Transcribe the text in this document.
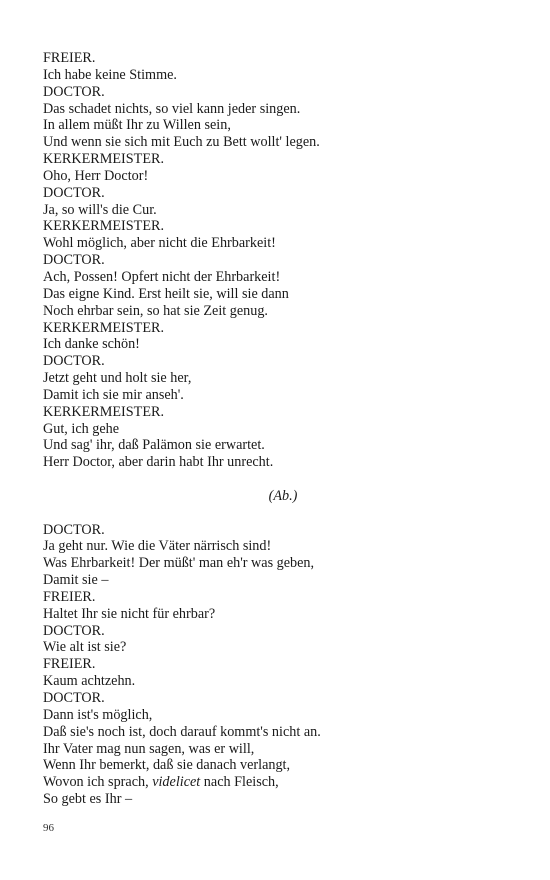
FREIER.
Ich habe keine Stimme.
DOCTOR.
Das schadet nichts, so viel kann jeder singen.
In allem müßt Ihr zu Willen sein,
Und wenn sie sich mit Euch zu Bett wollt' legen.
KERKERMEISTER.
Oho, Herr Doctor!
DOCTOR.
Ja, so will's die Cur.
KERKERMEISTER.
Wohl möglich, aber nicht die Ehrbarkeit!
DOCTOR.
Ach, Possen! Opfert nicht der Ehrbarkeit!
Das eigne Kind. Erst heilt sie, will sie dann
Noch ehrbar sein, so hat sie Zeit genug.
KERKERMEISTER.
Ich danke schön!
DOCTOR.
Jetzt geht und holt sie her,
Damit ich sie mir anseh'.
KERKERMEISTER.
Gut, ich gehe
Und sag' ihr, daß Palämon sie erwartet.
Herr Doctor, aber darin habt Ihr unrecht.
(Ab.)
DOCTOR.
Ja geht nur. Wie die Väter närrisch sind!
Was Ehrbarkeit! Der müßt' man eh'r was geben,
Damit sie –
FREIER.
Haltet Ihr sie nicht für ehrbar?
DOCTOR.
Wie alt ist sie?
FREIER.
Kaum achtzehn.
DOCTOR.
Dann ist's möglich,
Daß sie's noch ist, doch darauf kommt's nicht an.
Ihr Vater mag nun sagen, was er will,
Wenn Ihr bemerkt, daß sie danach verlangt,
Wovon ich sprach, videlicet nach Fleisch,
So gebt es Ihr –
96
